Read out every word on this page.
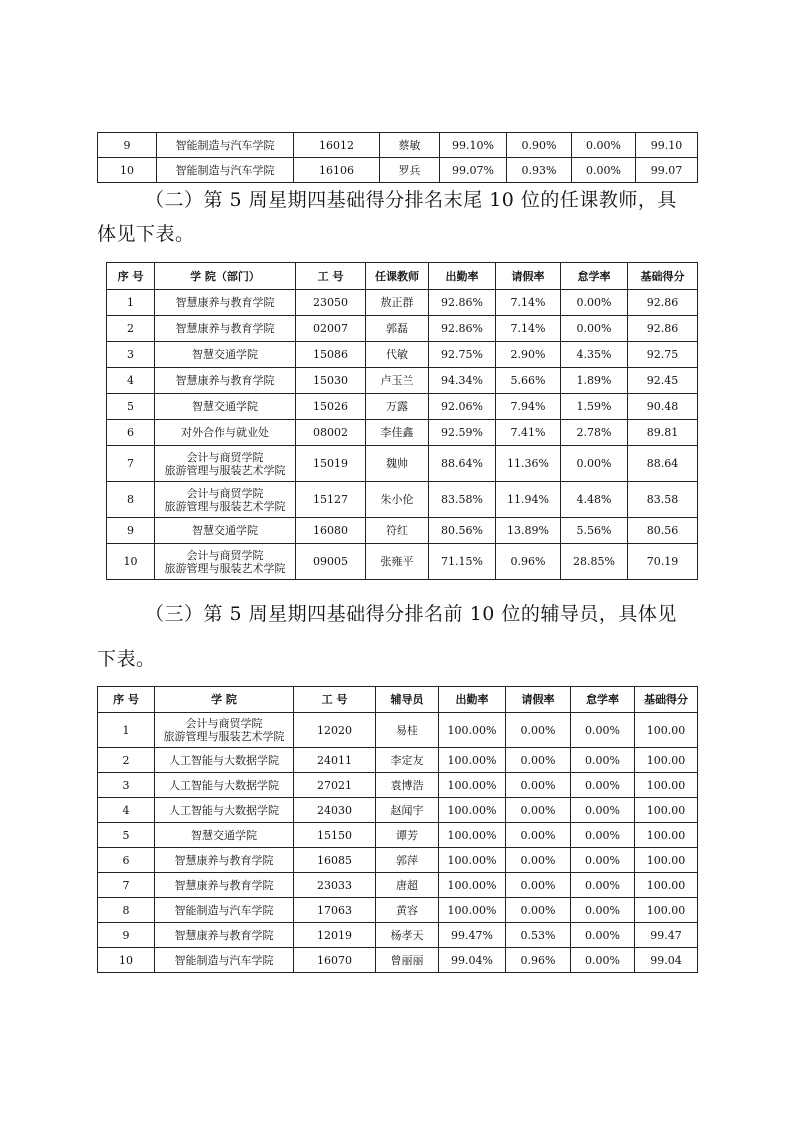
9	智能制造与汽车学院	16012	蔡敏	99.10%	0.90%	0.00%	99.10
10	智能制造与汽车学院	16106	罗兵	99.07%	0.93%	0.00%	99.07

（二）第 5 周星期四基础得分排名末尾 10 位的任课教师，具

体见下表。

序 号	学 院（部门）	工 号	任课教师	出勤率	请假率	怠学率	基础得分
1	智慧康养与教育学院	23050	敖正群	92.86%	7.14%	0.00%	92.86
2	智慧康养与教育学院	02007	郭磊	92.86%	7.14%	0.00%	92.86
3	智慧交通学院	15086	代敏	92.75%	2.90%	4.35%	92.75
4	智慧康养与教育学院	15030	卢玉兰	94.34%	5.66%	1.89%	92.45
5	智慧交通学院	15026	万露	92.06%	7.94%	1.59%	90.48
6	对外合作与就业处	08002	李佳鑫	92.59%	7.41%	2.78%	89.81
7	会计与商贸学院
旅游管理与服装艺术学院	15019	魏帅	88.64%	11.36%	0.00%	88.64
8	会计与商贸学院
旅游管理与服装艺术学院	15127	朱小伦	83.58%	11.94%	4.48%	83.58
9	智慧交通学院	16080	符红	80.56%	13.89%	5.56%	80.56
10	会计与商贸学院
旅游管理与服装艺术学院	09005	张雍平	71.15%	0.96%	28.85%	70.19

（三）第 5 周星期四基础得分排名前 10 位的辅导员，具体见

下表。

序 号	学 院	工 号	辅导员	出勤率	请假率	怠学率	基础得分
1	会计与商贸学院
旅游管理与服装艺术学院	12020	易桂	100.00%	0.00%	0.00%	100.00
2	人工智能与大数据学院	24011	李定友	100.00%	0.00%	0.00%	100.00
3	人工智能与大数据学院	27021	袁博浩	100.00%	0.00%	0.00%	100.00
4	人工智能与大数据学院	24030	赵闻宇	100.00%	0.00%	0.00%	100.00
5	智慧交通学院	15150	谭芳	100.00%	0.00%	0.00%	100.00
6	智慧康养与教育学院	16085	郭萍	100.00%	0.00%	0.00%	100.00
7	智慧康养与教育学院	23033	唐超	100.00%	0.00%	0.00%	100.00
8	智能制造与汽车学院	17063	黄容	100.00%	0.00%	0.00%	100.00
9	智慧康养与教育学院	12019	杨孝天	99.47%	0.53%	0.00%	99.47
10	智能制造与汽车学院	16070	曾丽丽	99.04%	0.96%	0.00%	99.04
